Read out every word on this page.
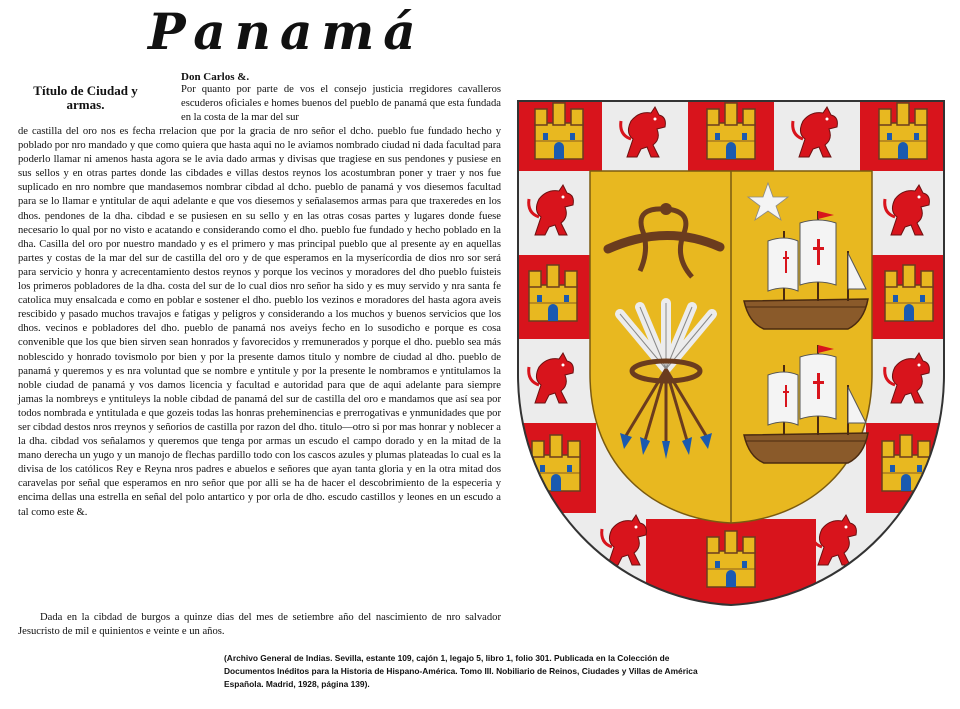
Panamá
Título de Ciudad y armas.
Don Carlos &.
Por quanto por parte de vos el consejo justicia rregidores cavalleros escuderos oficiales e homes buenos del pueblo de panamá que esta fundada en la costa de la mar del sur
de castilla del oro nos es fecha rrelacion que por la gracia de nro señor el dcho. pueblo fue fundado hecho y poblado por nro mandado y que como quiera que hasta aqui no le aviamos nombrado ciudad ni dada facultad para poderlo llamar ni amenos hasta agora se le avia dado armas y divisas que tragiese en sus pendones y pusiese en sus sellos y en otras partes donde las cibdades e villas destos reynos los acostumbran poner y traer y nos fue suplicado en nro nombre que mandasemos nombrar cibdad al dcho. pueblo de panamá y vos diesemos facultad para se lo llamar e yntitular de aqui adelante e que vos diesemos y señalasemos armas para que traxeredes en los dhos. pendones de la dha. cibdad e se pusiesen en su sello y en las otras cosas partes y lugares donde fuese necesario lo qual por no visto e acatando e considerando como el dho. pueblo fue fundado y hecho poblado en la dha. Casilla del oro por nuestro mandado y es el primero y mas principal pueblo que al presente ay en aquellas partes y costas de la mar del sur de castilla del oro y de que esperamos en la myserícordia de dios nro sor será para servicio y honra y acrecentamiento destos reynos y porque los vecinos y moradores del dho pueblo fuisteis los primeros pobladores de la dha. costa del sur de lo cual dios nro señor ha sido y es muy servido y nra santa fe catolica muy ensalcada e como en poblar e sostener el dho. pueblo los vezinos e moradores del hasta agora aveis rescibido y pasado muchos travajos e fatigas y peligros y considerando a los muchos y buenos servicios que los dhos. vecinos e pobladores del dho. pueblo de panamá nos aveiys fecho en lo susodicho e porque es cosa convenible que los que bien sirven sean honrados y favorecidos y rremunerados y porque el dho. pueblo sea más noblescido y honrado tovismolo por bien y por la presente damos titulo y nombre de ciudad al dho. pueblo de panamá y queremos y es nra voluntad que se nombre e yntitule y por la presente le nombramos e yntitulamos la noble ciudad de panamá y vos damos licencia y facultad e autoridad para que de aqui adelante para siempre jamas la nombreys e yntituleys la noble cibdad de panamá del sur de castilla del oro e mandamos que así sea por todos nombrada e yntitulada e que gozeis todas las honras preheminencias e prerrogativas e ynmunidades que por ser cibdad destos nros rreynos y señorios de castilla por razon del dho. titulo—otro si por mas honrar y noblecer a la dha. cibdad vos señalamos y queremos que tenga por armas un escudo el campo dorado y en la mitad de la mano derecha un yugo y un manojo de flechas pardillo todo con los cascos azules y plumas plateadas lo cual es la divisa de los católicos Rey e Reyna nros padres e abuelos e señores que ayan tanta gloria y en la otra mitad dos caravelas por señal que esperamos en nro señor que por alli se ha de hacer el descobrimiento de la especeria y encima dellas una estrella en señal del polo antartico y por orla de dho. escudo castillos y leones en un escudo a tal como este &.
Dada en la cibdad de burgos a quinze dias del mes de setiembre año del nascimiento de nro salvador Jesucristo de mil e quinientos e veinte e un años.
(Archivo General de Indias. Sevilla, estante 109, cajón 1, legajo 5, libro 1, folio 301. Publicada en la Colección de Documentos Inéditos para la Historia de Hispano-América. Tomo III. Nobiliario de Reinos, Ciudades y Villas de América Española. Madrid, 1928, página 139).
